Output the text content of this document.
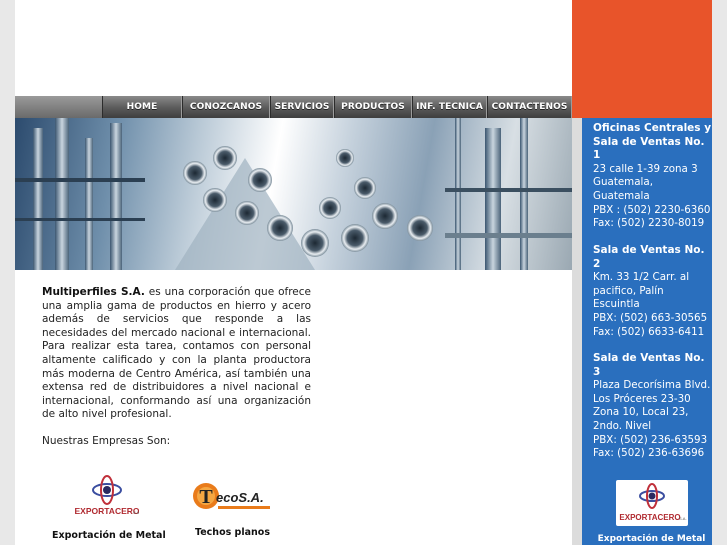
HOME	CONOZCANOS	SERVICIOS	PRODUCTOS	INF. TECNICA CONTACTENOS

Multiperfiles S.A. es una corporación que ofrece una amplia gama de productos en hierro y acero además de servicios que responde a las necesidades del mercado nacional e internacional. Para realizar esta tarea, contamos con personal altamente calificado y con la planta productora más moderna de Centro América, así también una extensa red de distribuidores a nivel nacional e internacional, conformando así una organización de alto nivel profesional.

Nuestras Empresas Son:

EXPORTACERO
S.A
Exportación de Metal
T ecoS.A.
Techos planos
Oficinas Centrales y Sala de Ventas No. 1
23 calle 1-39 zona 3
Guatemala,
Guatemala
PBX : (502) 2230-6360
Fax: (502) 2230-8019
Sala de Ventas No. 2
Km. 33 1/2 Carr. al
pacifico, Palín
Escuintla
PBX: (502) 663-30565
Fax: (502) 6633-6411
Sala de Ventas No. 3
Plaza Decorísima Blvd.
Los Próceres 23-30
Zona 10, Local 23,
2ndo. Nivel
PBX: (502) 236-63593
Fax: (502) 236-63696
EXPORTACERO
S.A.
Exportación de Metal
